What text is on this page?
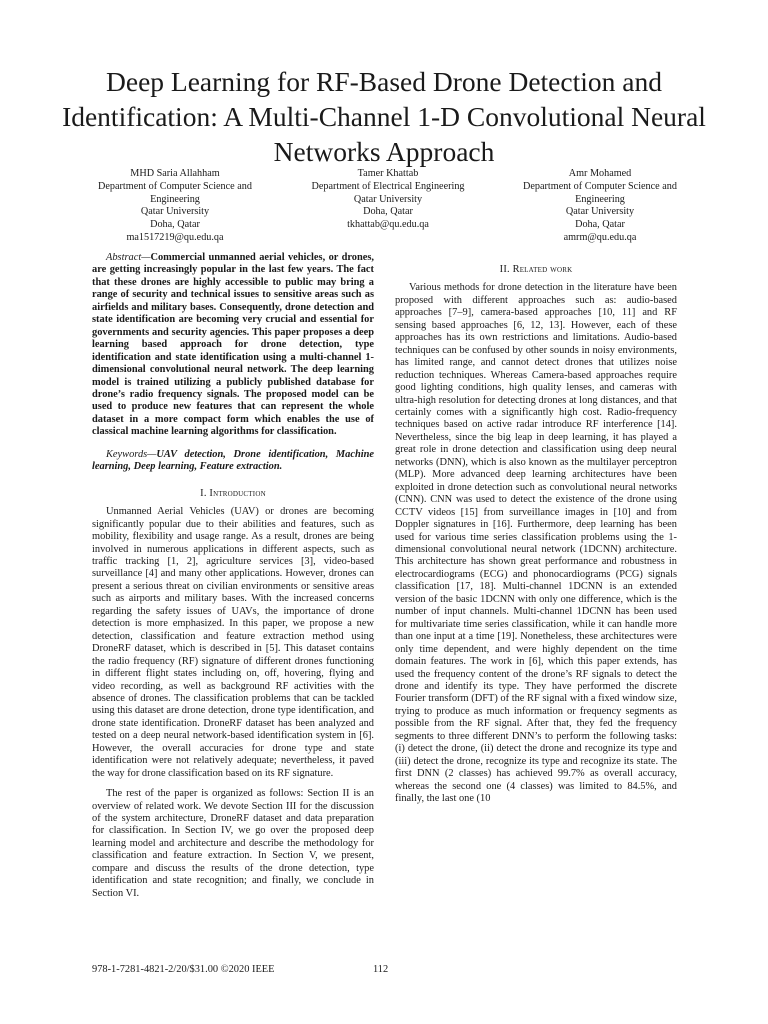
Deep Learning for RF-Based Drone Detection and Identification: A Multi-Channel 1-D Convolutional Neural Networks Approach
MHD Saria Allahham
Department of Computer Science and
Engineering
Qatar University
Doha, Qatar
ma1517219@qu.edu.qa
Tamer Khattab
Department of Electrical Engineering
Qatar University
Doha, Qatar
tkhattab@qu.edu.qa
Amr Mohamed
Department of Computer Science and
Engineering
Qatar University
Doha, Qatar
amrm@qu.edu.qa

Abstract—Commercial unmanned aerial vehicles, or drones, are getting increasingly popular in the last few years. The fact that these drones are highly accessible to public may bring a range of security and technical issues to sensitive areas such as airfields and military bases. Consequently, drone detection and state identification are becoming very crucial and essential for governments and security agencies. This paper proposes a deep learning based approach for drone detection, type identification and state identification using a multi-channel 1-dimensional convolutional neural network. The deep learning model is trained utilizing a publicly published database for drone’s radio frequency signals. The proposed model can be used to produce new features that can represent the whole dataset in a more compact form which enables the use of classical machine learning algorithms for classification.

Keywords—UAV detection, Drone identification, Machine learning, Deep learning, Feature extraction.

I. Introduction

Unmanned Aerial Vehicles (UAV) or drones are becoming significantly popular due to their abilities and features, such as mobility, flexibility and usage range. As a result, drones are being involved in numerous applications in different aspects, such as traffic tracking [1, 2], agriculture services [3], video-based surveillance [4] and many other applications. However, drones can present a serious threat on civilian environments or sensitive areas such as airports and military bases. With the increased concerns regarding the safety issues of UAVs, the importance of drone detection is more emphasized. In this paper, we propose a new detection, classification and feature extraction method using DroneRF dataset, which is described in [5]. This dataset contains the radio frequency (RF) signature of different drones functioning in different flight states including on, off, hovering, flying and video recording, as well as background RF activities with the absence of drones. The classification problems that can be tackled using this dataset are drone detection, drone type identification, and drone state identification. DroneRF dataset has been analyzed and tested on a deep neural network-based identification system in [6]. However, the overall accuracies for drone type and state identification were not relatively adequate; nevertheless, it paved the way for drone classification based on its RF signature.

The rest of the paper is organized as follows: Section II is an overview of related work. We devote Section III for the discussion of the system architecture, DroneRF dataset and data preparation for classification. In Section IV, we go over the proposed deep learning model and architecture and describe the methodology for classification and feature extraction. In Section V, we present, compare and discuss the results of the drone detection, type identification and state recognition; and finally, we conclude in Section VI.

II. Related work

Various methods for drone detection in the literature have been proposed with different approaches such as: audio-based approaches [7–9], camera-based approaches [10, 11] and RF sensing based approaches [6, 12, 13]. However, each of these approaches has its own restrictions and limitations. Audio-based techniques can be confused by other sounds in noisy environments, has limited range, and cannot detect drones that utilizes noise reduction techniques. Whereas Camera-based approaches require good lighting conditions, high quality lenses, and cameras with ultra-high resolution for detecting drones at long distances, and that certainly comes with a significantly high cost. Radio-frequency techniques based on active radar introduce RF interference [14]. Nevertheless, since the big leap in deep learning, it has played a great role in drone detection and classification using deep neural networks (DNN), which is also known as the multilayer perceptron (MLP). More advanced deep learning architectures have been exploited in drone detection such as convolutional neural networks (CNN). CNN was used to detect the existence of the drone using CCTV videos [15] from surveillance images in [10] and from Doppler signatures in [16]. Furthermore, deep learning has been used for various time series classification problems using the 1-dimensional convolutional neural network (1DCNN) architecture. This architecture has shown great performance and robustness in electrocardiograms (ECG) and phonocardiograms (PCG) signals classification [17, 18]. Multi-channel 1DCNN is an extended version of the basic 1DCNN with only one difference, which is the number of input channels. Multi-channel 1DCNN has been used for multivariate time series classification, while it can handle more than one input at a time [19]. Nonetheless, these architectures were only time dependent, and were highly dependent on the time domain features. The work in [6], which this paper extends, has used the frequency content of the drone’s RF signals to detect the drone and identify its type. They have performed the discrete Fourier transform (DFT) of the RF signal with a fixed window size, trying to produce as much information or frequency segments as possible from the RF signal. After that, they fed the frequency segments to three different DNN’s to perform the following tasks: (i) detect the drone, (ii) detect the drone and recognize its type and (iii) detect the drone, recognize its type and recognize its state. The first DNN (2 classes) has achieved 99.7% as overall accuracy, whereas the second one (4 classes) was limited to 84.5%, and finally, the last one (10

978-1-7281-4821-2/20/$31.00 ©2020 IEEE	112
